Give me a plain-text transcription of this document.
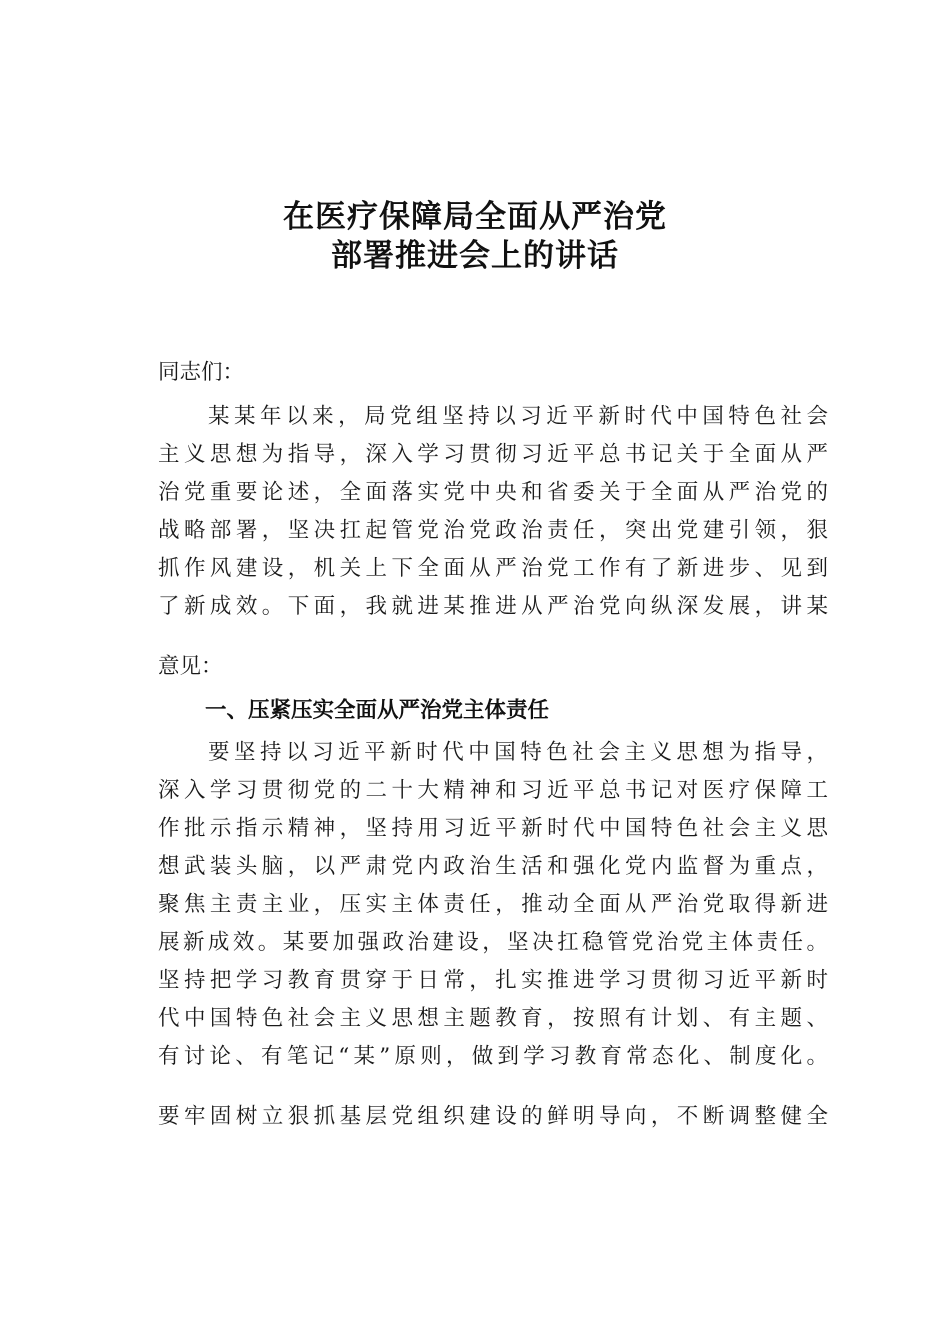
在医疗保障局全面从严治党
部署推进会上的讲话
同志们：
某某年以来，局党组坚持以习近平新时代中国特色社会
主义思想为指导，深入学习贯彻习近平总书记关于全面从严
治党重要论述，全面落实党中央和省委关于全面从严治党的
战略部署，坚决扛起管党治党政治责任，突出党建引领，狠
抓作风建设，机关上下全面从严治党工作有了新进步、见到
了新成效。下面，我就进某推进从严治党向纵深发展，讲某
意见：
一、压紧压实全面从严治党主体责任
要坚持以习近平新时代中国特色社会主义思想为指导，
深入学习贯彻党的二十大精神和习近平总书记对医疗保障工
作批示指示精神，坚持用习近平新时代中国特色社会主义思
想武装头脑，以严肃党内政治生活和强化党内监督为重点，
聚焦主责主业，压实主体责任，推动全面从严治党取得新进
展新成效。某要加强政治建设，坚决扛稳管党治党主体责任。
坚持把学习教育贯穿于日常，扎实推进学习贯彻习近平新时
代中国特色社会主义思想主题教育，按照有计划、有主题、
有讨论、有笔记“某”原则，做到学习教育常态化、制度化。
要牢固树立狠抓基层党组织建设的鲜明导向，不断调整健全
